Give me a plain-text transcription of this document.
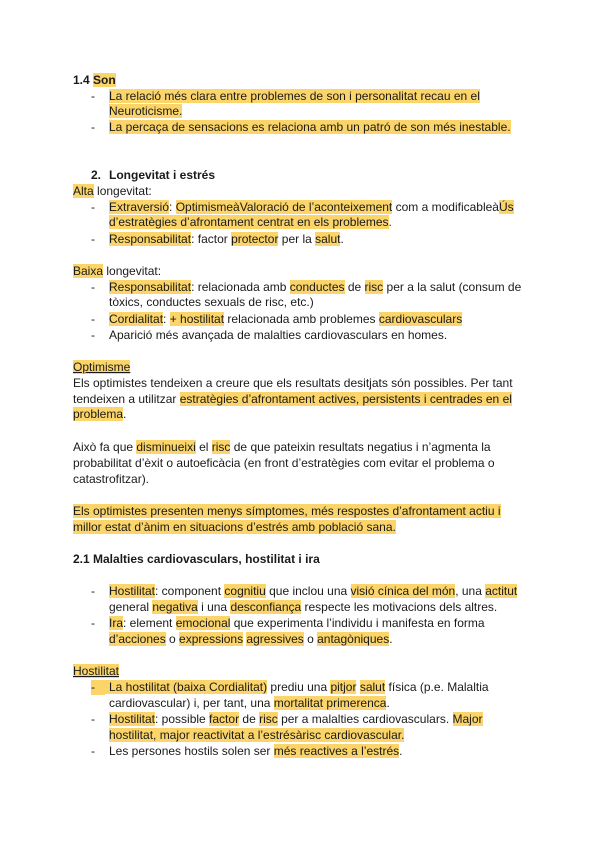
1.4 Son
- La relació més clara entre problemes de son i personalitat recau en el
Neuroticisme.
- La percaça de sensacions es relaciona amb un patró de son més inestable.
2. Longevitat i estrés
Alta longevitat:
- Extraversió: OptimismeàValoració de l’aconteixement com a modificableàÚs
d’estratègies d’afrontament centrat en els problemes.
- Responsabilitat: factor protector per la salut.
Baixa longevitat:
- Responsabilitat: relacionada amb conductes de risc per a la salut (consum de
tòxics, conductes sexuals de risc, etc.)
- Cordialitat: + hostilitat relacionada amb problemes cardiovasculars
- Aparició més avançada de malalties cardiovasculars en homes.
Optimisme
Els optimistes tendeixen a creure que els resultats desitjats són possibles. Per tant
tendeixen a utilitzar estratègies d’afrontament actives, persistents i centrades en el
problema.
Això fa que disminueixi el risc de que pateixin resultats negatius i n’agmenta la
probabilitat d’èxit o autoeficàcia (en front d’estratègies com evitar el problema o
catastrofitzar).
Els optimistes presenten menys símptomes, més respostes d’afrontament actiu i
millor estat d’ànim en situacions d’estrés amb població sana.
2.1 Malalties cardiovasculars, hostilitat i ira
- Hostilitat: component cognitiu que inclou una visió cínica del món, una actitut
general negativa i una desconfiança respecte les motivacions dels altres.
- Ira: element emocional que experimenta l’individu i manifesta en forma
d’acciones o expressions agressives o antagòniques.
Hostilitat
-	La hostilitat (baixa Cordialitat) prediu una pitjor salut física (p.e. Malaltia
cardiovascular) i, per tant, una mortalitat primerenca.
- Hostilitat: possible factor de risc per a malalties cardiovasculars. Major
hostilitat, major reactivitat a l’estrésàrisc cardiovascular.
- Les persones hostils solen ser més reactives a l’estrés.
